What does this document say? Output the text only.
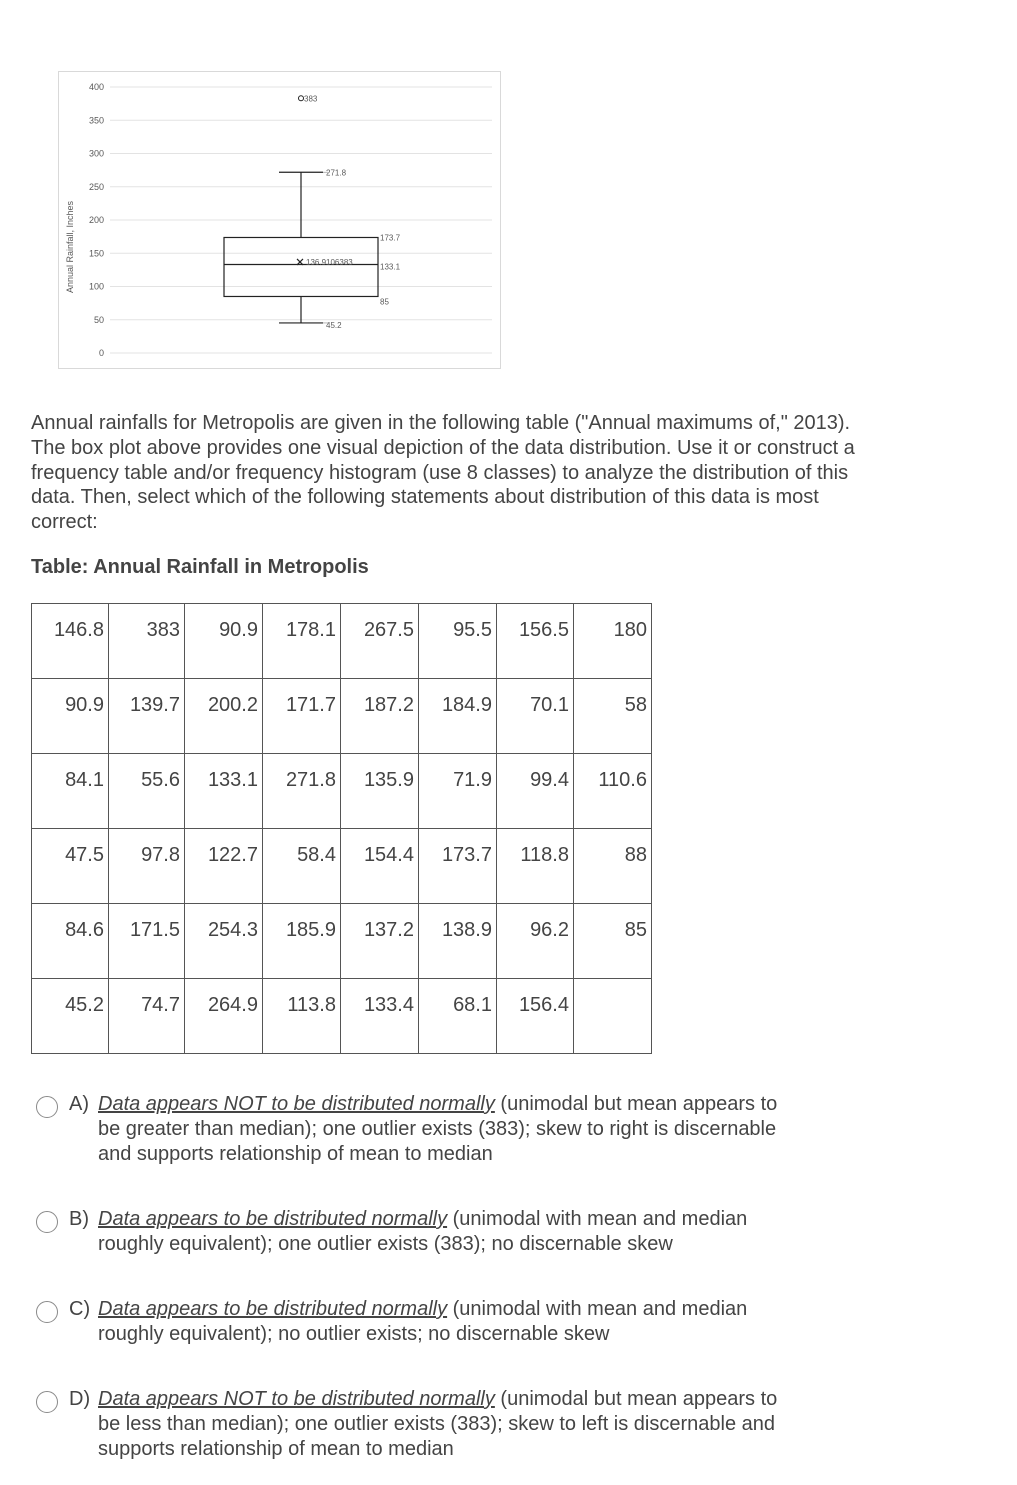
0
50
100
150
200
250
300
350
400
Annual Rainfall, Inches
383
271.8
173.7
136.9106383
133.1
85
45.2

Annual rainfalls for Metropolis are given in the following table ("Annual maximums of," 2013). The box plot above provides one visual depiction of the data distribution. Use it or construct a frequency table and/or frequency histogram (use 8 classes) to analyze the distribution of this data. Then, select which of the following statements about distribution of this data is most correct:

Table: Annual Rainfall in Metropolis

146.8	383	90.9	178.1	267.5	95.5	156.5	180
90.9	139.7	200.2	171.7	187.2	184.9	70.1	58
84.1	55.6	133.1	271.8	135.9	71.9	99.4	110.6
47.5	97.8	122.7	58.4	154.4	173.7	118.8	88
84.6	171.5	254.3	185.9	137.2	138.9	96.2	85
45.2	74.7	264.9	113.8	133.4	68.1	156.4	
A) Data appears NOT to be distributed normally (unimodal but mean appears to
be greater than median); one outlier exists (383); skew to right is discernable
and supports relationship of mean to median
B) Data appears to be distributed normally (unimodal with mean and median
roughly equivalent); one outlier exists (383); no discernable skew
C) Data appears to be distributed normally (unimodal with mean and median
roughly equivalent); no outlier exists; no discernable skew
D) Data appears NOT to be distributed normally (unimodal but mean appears to
be less than median); one outlier exists (383); skew to left is discernable and
supports relationship of mean to median
